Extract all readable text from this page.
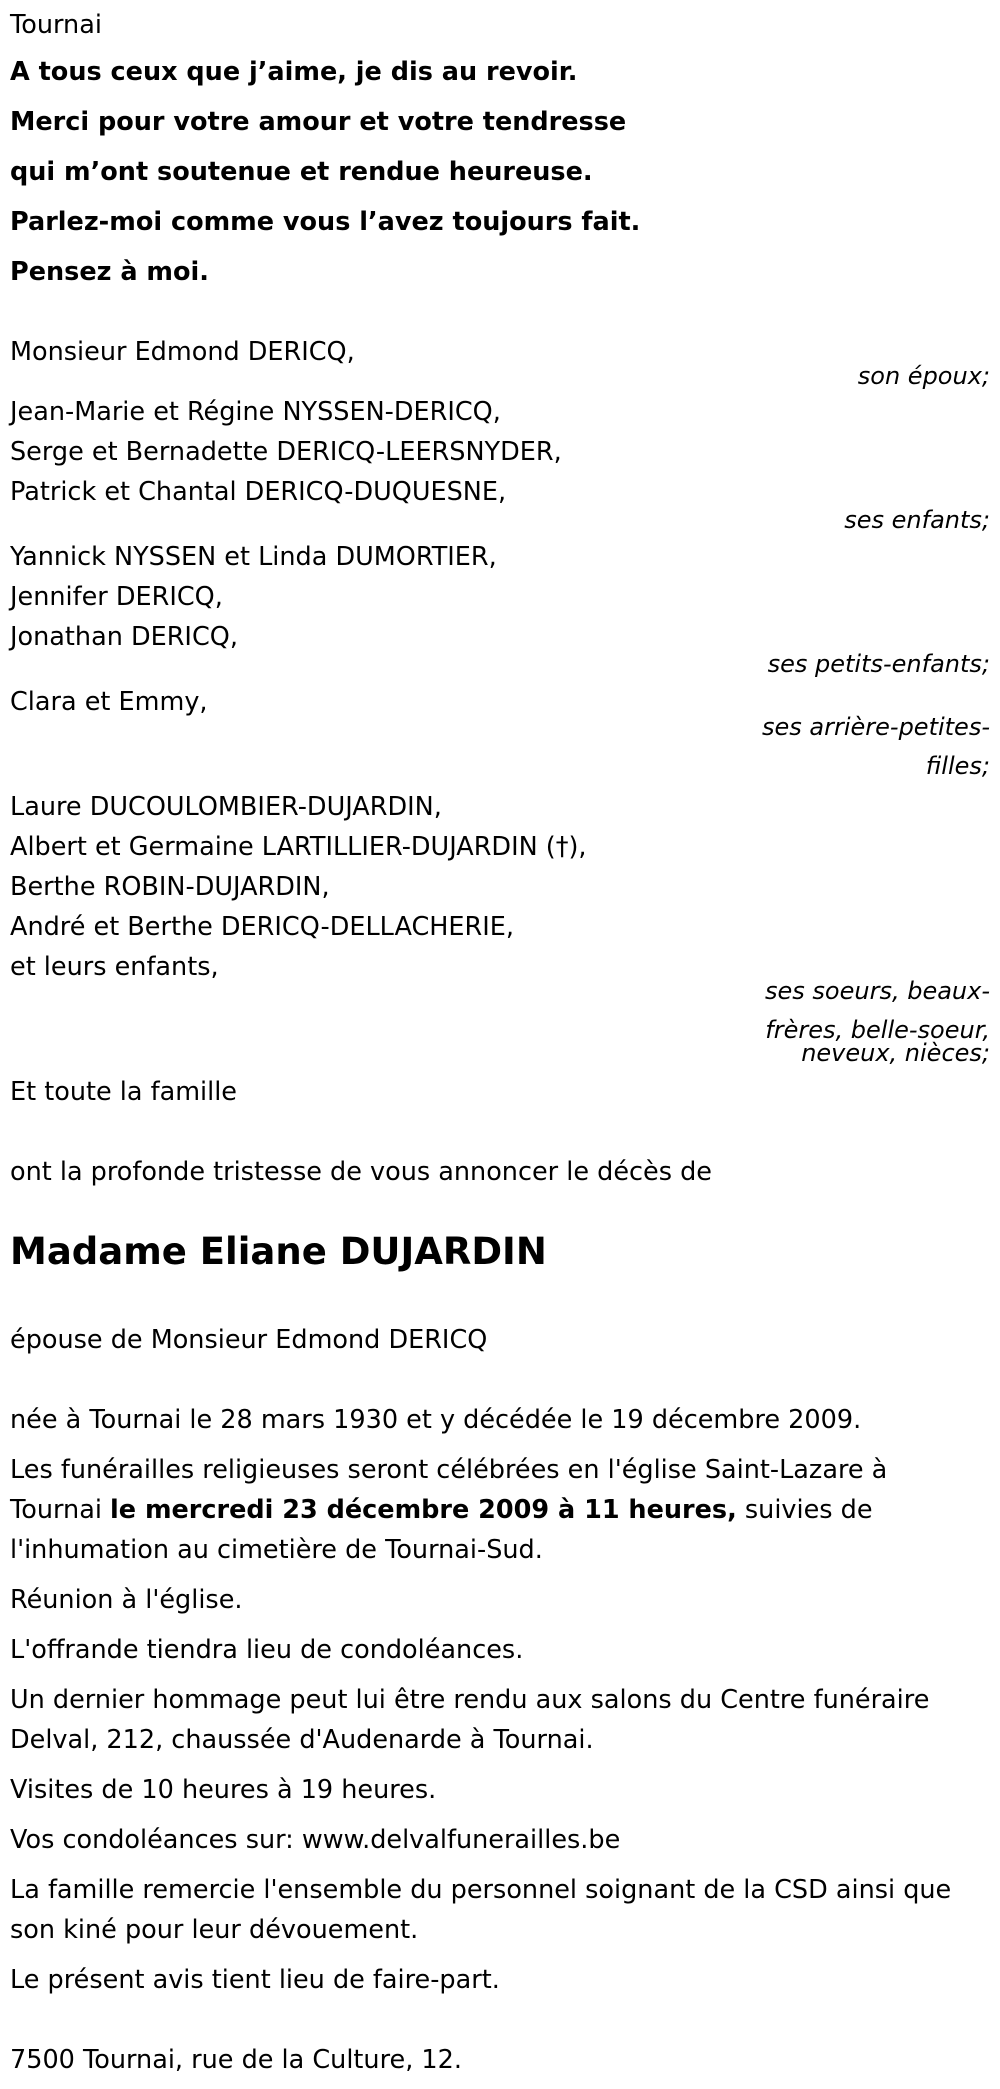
Tournai
A tous ceux que j’aime, je dis au revoir.
Merci pour votre amour et votre tendresse
qui m’ont soutenue et rendue heureuse.
Parlez-moi comme vous l’avez toujours fait.
Pensez à moi.
Monsieur Edmond DERICQ,
son époux;
Jean-Marie et Régine NYSSEN-DERICQ,
Serge et Bernadette DERICQ-LEERSNYDER,
Patrick et Chantal DERICQ-DUQUESNE,
ses enfants;
Yannick NYSSEN et Linda DUMORTIER,
Jennifer DERICQ,
Jonathan DERICQ,
ses petits-enfants;
Clara et Emmy,
ses arrière-petites-
filles;
Laure DUCOULOMBIER-DUJARDIN,
Albert et Germaine LARTILLIER-DUJARDIN (†),
Berthe ROBIN-DUJARDIN,
André et Berthe DERICQ-DELLACHERIE,
et leurs enfants,
ses soeurs, beaux-
frères, belle-soeur,
neveux, nièces;
Et toute la famille
ont la profonde tristesse de vous annoncer le décès de
Madame Eliane DUJARDIN
épouse de Monsieur Edmond DERICQ
née à Tournai le 28 mars 1930 et y décédée le 19 décembre 2009.
Les funérailles religieuses seront célébrées en l'église Saint-Lazare à
Tournai le mercredi 23 décembre 2009 à 11 heures, suivies de
l'inhumation au cimetière de Tournai-Sud.
Réunion à l'église.
L'offrande tiendra lieu de condoléances.
Un dernier hommage peut lui être rendu aux salons du Centre funéraire
Delval, 212, chaussée d'Audenarde à Tournai.
Visites de 10 heures à 19 heures.
Vos condoléances sur: www.delvalfunerailles.be
La famille remercie l'ensemble du personnel soignant de la CSD ainsi que
son kiné pour leur dévouement.
Le présent avis tient lieu de faire-part.
7500 Tournai, rue de la Culture, 12.
